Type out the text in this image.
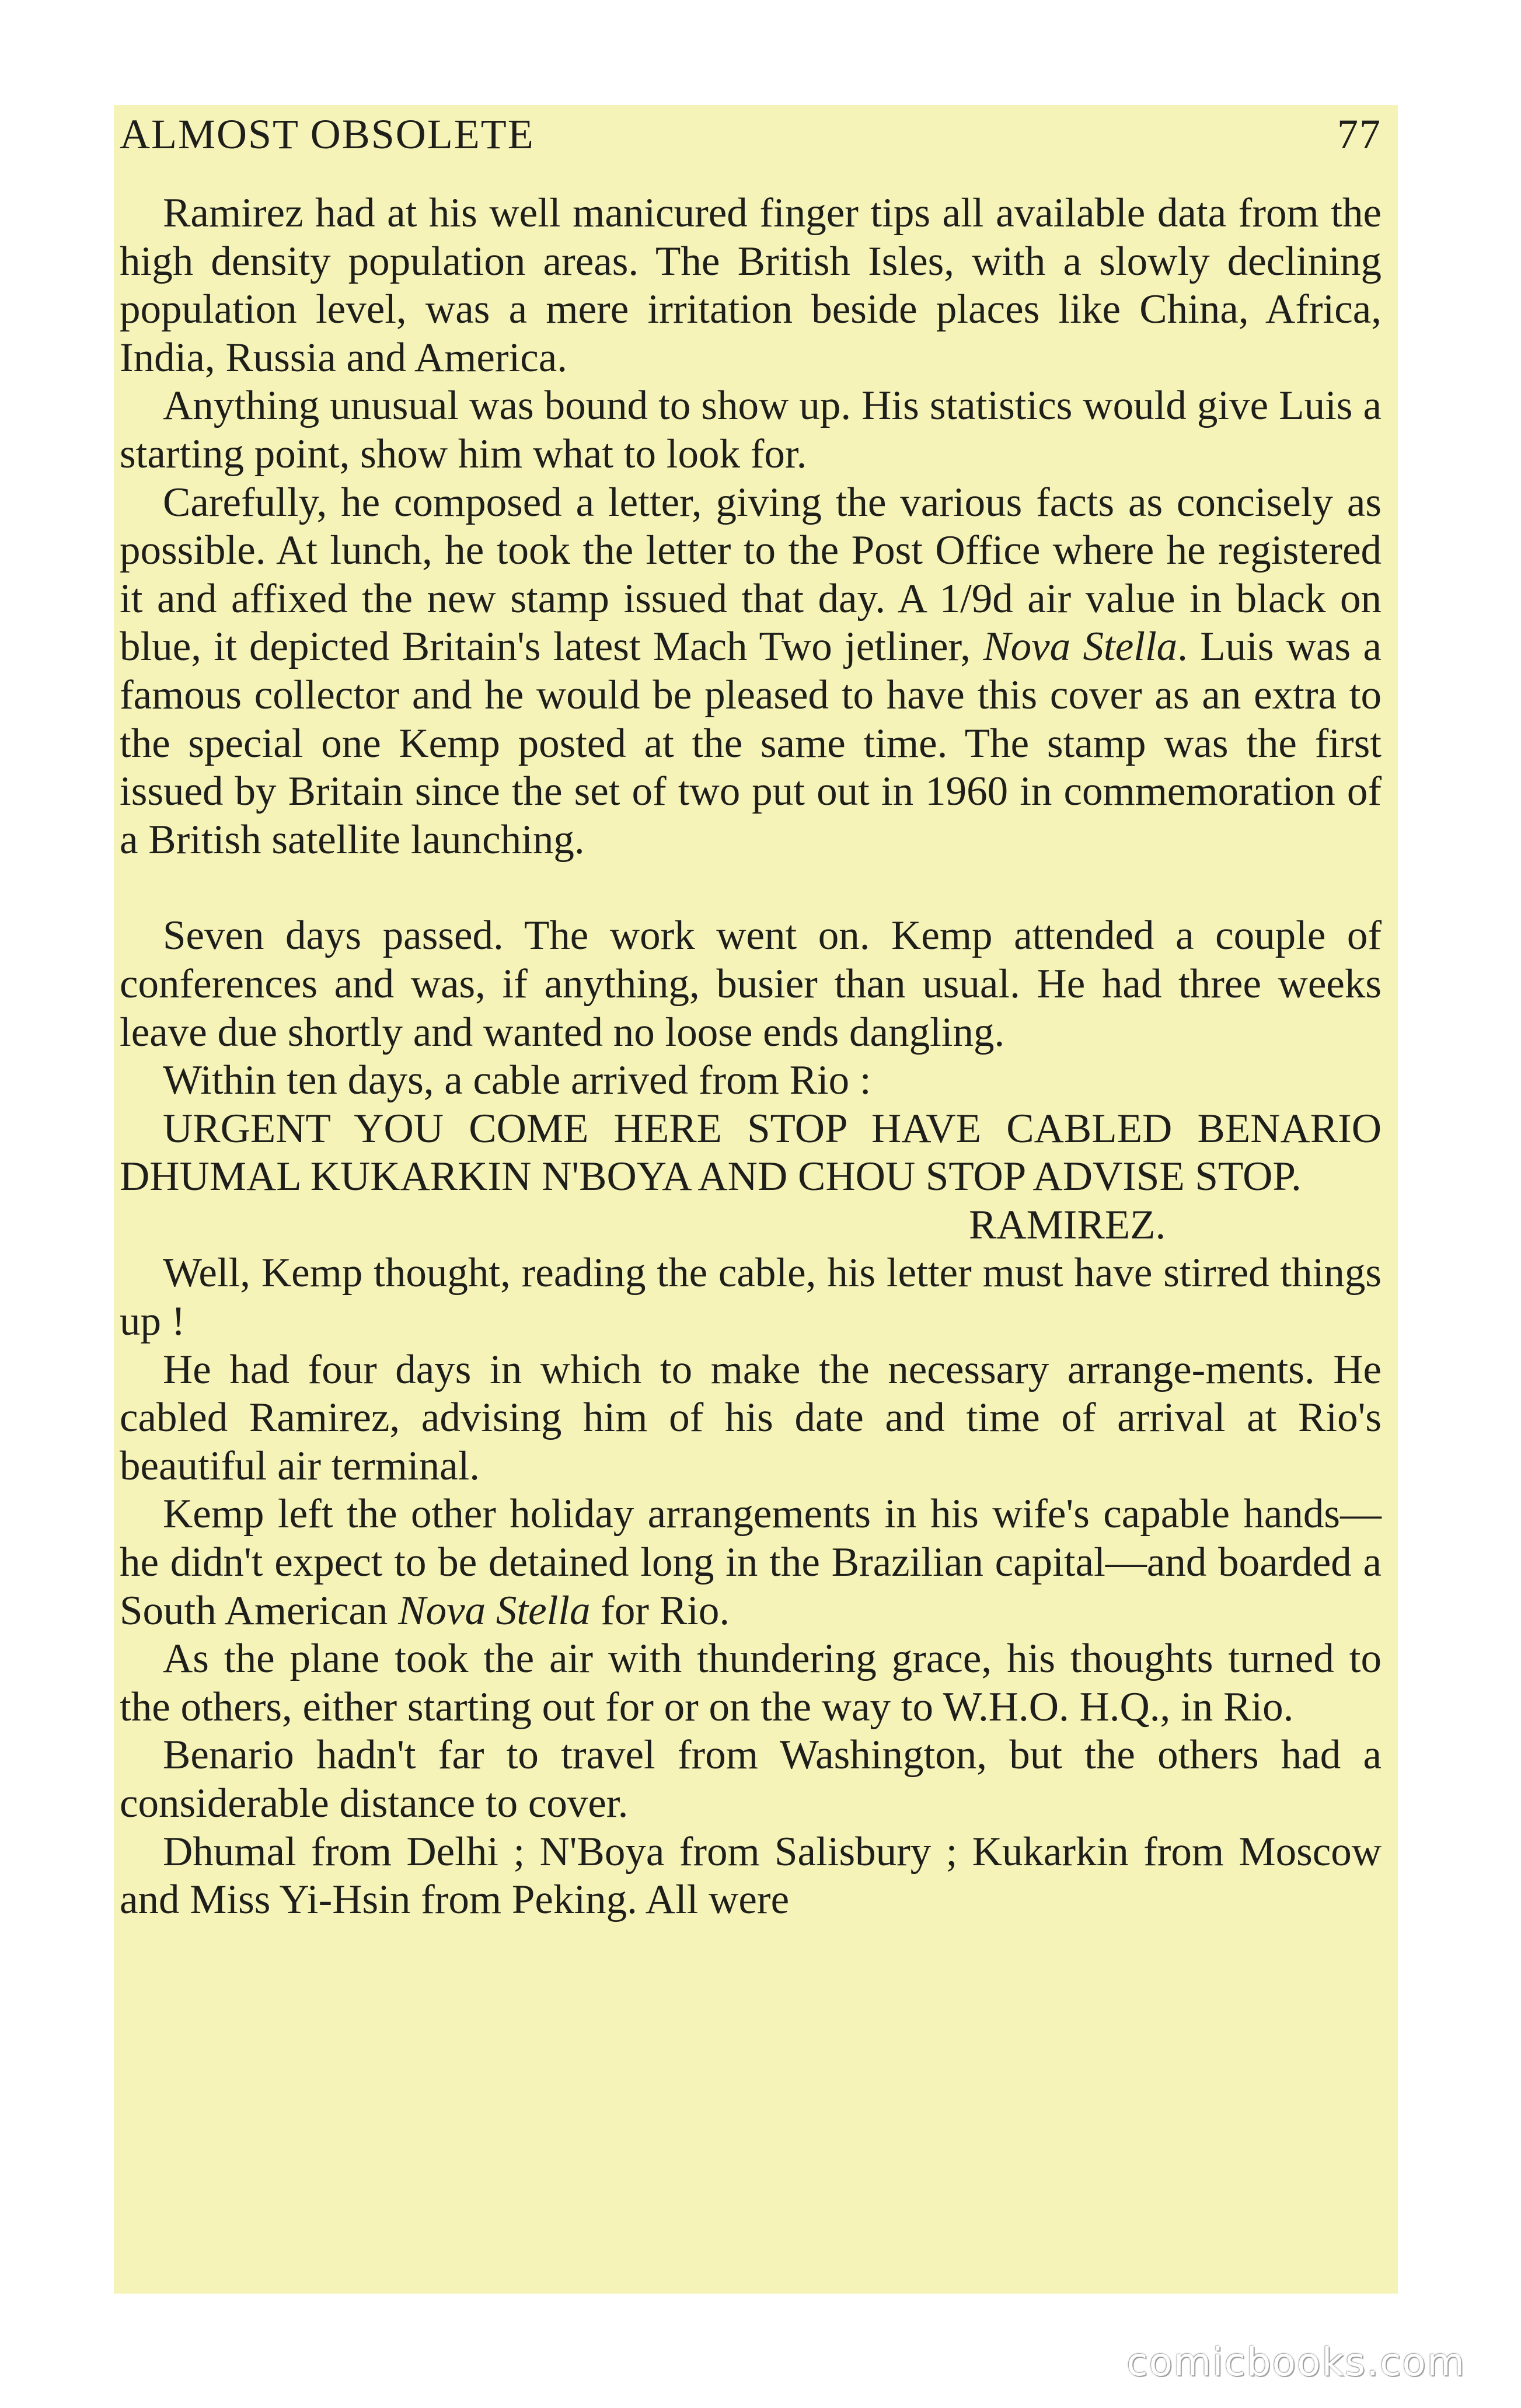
ALMOST OBSOLETE	77

Ramirez had at his well manicured finger tips all available data from the high density population areas. The British Isles, with a slowly declining population level, was a mere irritation beside places like China, Africa, India, Russia and America.

Anything unusual was bound to show up. His statistics would give Luis a starting point, show him what to look for.

Carefully, he composed a letter, giving the various facts as concisely as possible. At lunch, he took the letter to the Post Office where he registered it and affixed the new stamp issued that day. A 1/9d air value in black on blue, it depicted Britain's latest Mach Two jetliner, Nova Stella. Luis was a famous collector and he would be pleased to have this cover as an extra to the special one Kemp posted at the same time. The stamp was the first issued by Britain since the set of two put out in 1960 in commemoration of a British satellite launching.

Seven days passed. The work went on. Kemp attended a couple of conferences and was, if anything, busier than usual. He had three weeks leave due shortly and wanted no loose ends dangling.

Within ten days, a cable arrived from Rio :

URGENT YOU COME HERE STOP HAVE CABLED BENARIO DHUMAL KUKARKIN N'BOYA AND CHOU STOP ADVISE STOP.

RAMIREZ.

Well, Kemp thought, reading the cable, his letter must have stirred things up !

He had four days in which to make the necessary arrange-ments. He cabled Ramirez, advising him of his date and time of arrival at Rio's beautiful air terminal.

Kemp left the other holiday arrangements in his wife's capable hands—he didn't expect to be detained long in the Brazilian capital—and boarded a South American Nova Stella for Rio.

As the plane took the air with thundering grace, his thoughts turned to the others, either starting out for or on the way to W.H.O. H.Q., in Rio.

Benario hadn't far to travel from Washington, but the others had a considerable distance to cover.

Dhumal from Delhi ; N'Boya from Salisbury ; Kukarkin from Moscow and Miss Yi-Hsin from Peking. All were

comicbooks.com
